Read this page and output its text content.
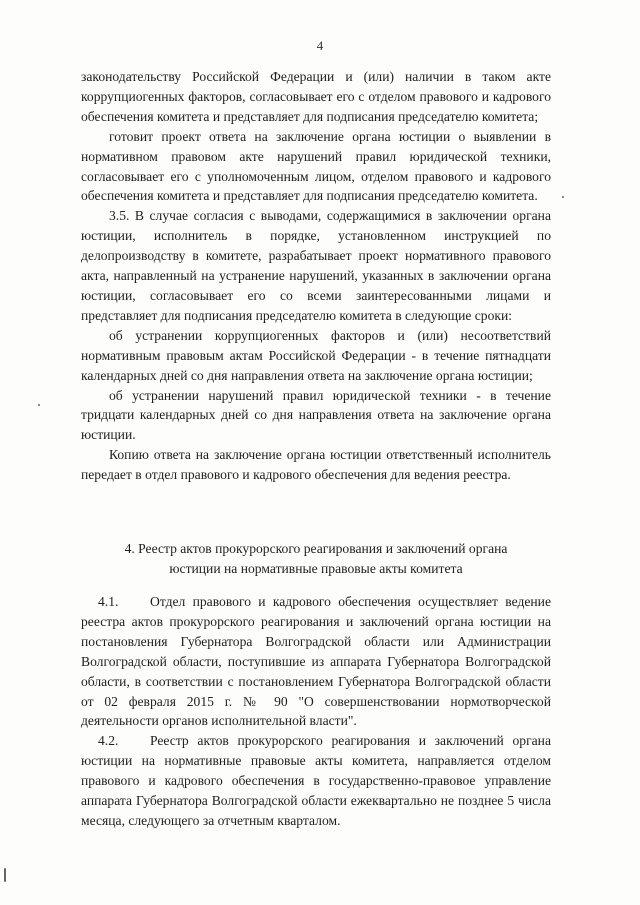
4

законодательству Российской Федерации и (или) наличии в таком акте коррупциогенных факторов, согласовывает его с отделом правового и кадрового обеспечения комитета и представляет для подписания председателю комитета;

готовит проект ответа на заключение органа юстиции о выявлении в нормативном правовом акте нарушений правил юридической техники, согласовывает его с уполномоченным лицом, отделом правового и кадрового обеспечения комитета и представляет для подписания председателю комитета.

3.5. В случае согласия с выводами, содержащимися в заключении органа юстиции, исполнитель в порядке, установленном инструкцией по делопроизводству в комитете, разрабатывает проект нормативного правового акта, направленный на устранение нарушений, указанных в заключении органа юстиции, согласовывает его со всеми заинтересованными лицами и представляет для подписания председателю комитета в следующие сроки:

об устранении коррупциогенных факторов и (или) несоответствий нормативным правовым актам Российской Федерации - в течение пятнадцати календарных дней со дня направления ответа на заключение органа юстиции;

об устранении нарушений правил юридической техники - в течение тридцати календарных дней со дня направления ответа на заключение органа юстиции.

Копию ответа на заключение органа юстиции ответственный исполнитель передает в отдел правового и кадрового обеспечения для ведения реестра.

4. Реестр актов прокурорского реагирования и заключений органа

юстиции на нормативные правовые акты комитета

4.1. Отдел правового и кадрового обеспечения осуществляет ведение реестра актов прокурорского реагирования и заключений органа юстиции на постановления Губернатора Волгоградской области или Администрации Волгоградской области, поступившие из аппарата Губернатора Волгоградской области, в соответствии с постановлением Губернатора Волгоградской области от 02 февраля 2015 г. № 90 "О совершенствовании нормотворческой деятельности органов исполнительной власти".

4.2. Реестр актов прокурорского реагирования и заключений органа юстиции на нормативные правовые акты комитета, направляется отделом правового и кадрового обеспечения в государственно-правовое управление аппарата Губернатора Волгоградской области ежеквартально не позднее 5 числа месяца, следующего за отчетным кварталом.
